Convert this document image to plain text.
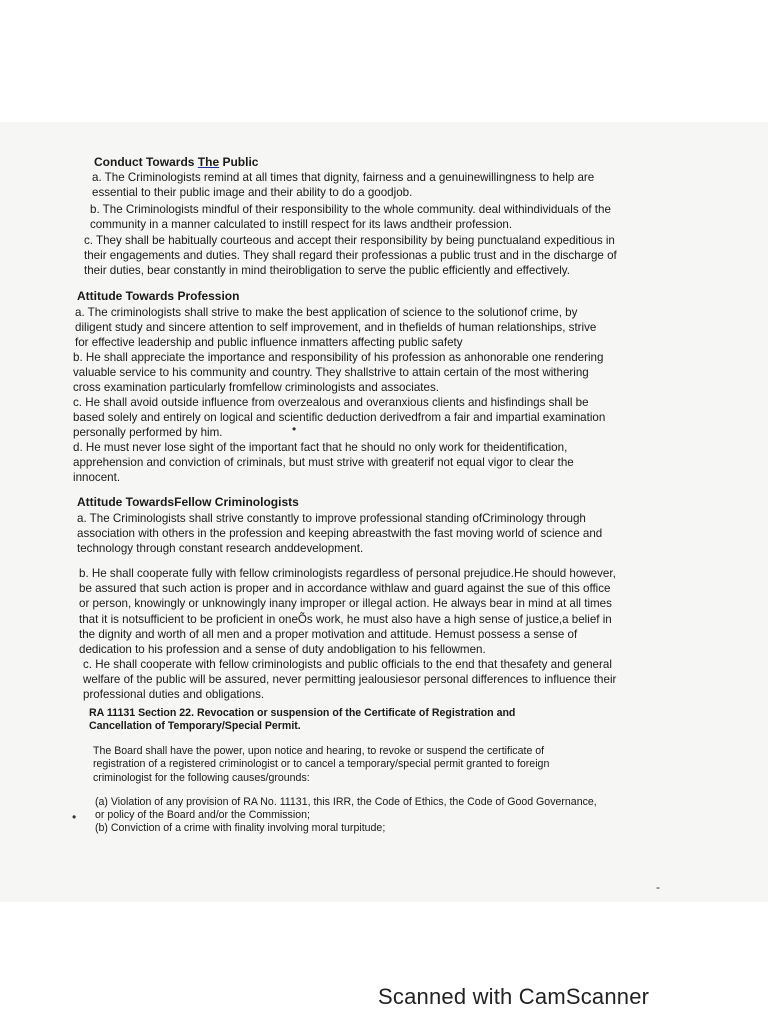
Conduct Towards The Public
a. The Criminologists remind at all times that dignity, fairness and a genuinewillingness to help are
essential to their public image and their ability to do a goodjob.
b. The Criminologists mindful of their responsibility to the whole community. deal withindividuals of the
community in a manner calculated to instill respect for its laws andtheir profession.
c. They shall be habitually courteous and accept their responsibility by being punctualand expeditious in
their engagements and duties. They shall regard their professionas a public trust and in the discharge of
their duties, bear constantly in mind theirobligation to serve the public efficiently and effectively.
Attitude Towards Profession
a. The criminologists shall strive to make the best application of science to the solutionof crime, by
diligent study and sincere attention to self improvement, and in thefields of human relationships, strive
for effective leadership and public influence inmatters affecting public safety
b. He shall appreciate the importance and responsibility of his profession as anhonorable one rendering
valuable service to his community and country. They shallstrive to attain certain of the most withering
cross examination particularly fromfellow criminologists and associates.
c. He shall avoid outside influence from overzealous and overanxious clients and hisfindings shall be
based solely and entirely on logical and scientific deduction derivedfrom a fair and impartial examination
personally performed by him.
d. He must never lose sight of the important fact that he should no only work for theidentification,
apprehension and conviction of criminals, but must strive with greaterif not equal vigor to clear the
innocent.
Attitude TowardsFellow Criminologists
a. The Criminologists shall strive constantly to improve professional standing ofCriminology through
association with others in the profession and keeping abreastwith the fast moving world of science and
technology through constant research anddevelopment.
b. He shall cooperate fully with fellow criminologists regardless of personal prejudice.He should however,
be assured that such action is proper and in accordance withlaw and guard against the sue of this office
or person, knowingly or unknowingly inany improper or illegal action. He always bear in mind at all times
that it is notsufficient to be proficient in oneÕs work, he must also have a high sense of justice,a belief in
the dignity and worth of all men and a proper motivation and attitude. Hemust possess a sense of
dedication to his profession and a sense of duty andobligation to his fellowmen.
c. He shall cooperate with fellow criminologists and public officials to the end that thesafety and general
welfare of the public will be assured, never permitting jealousiesor personal differences to influence their
professional duties and obligations.
RA 11131 Section 22. Revocation or suspension of the Certificate of Registration and
Cancellation of Temporary/Special Permit.
The Board shall have the power, upon notice and hearing, to revoke or suspend the certificate of
registration of a registered criminologist or to cancel a temporary/special permit granted to foreign
criminologist for the following causes/grounds:
(a) Violation of any provision of RA No. 11131, this IRR, the Code of Ethics, the Code of Good Governance,
or policy of the Board and/or the Commission;
(b) Conviction of a crime with finality involving moral turpitude;
•
•
-
Scanned with CamScanner
